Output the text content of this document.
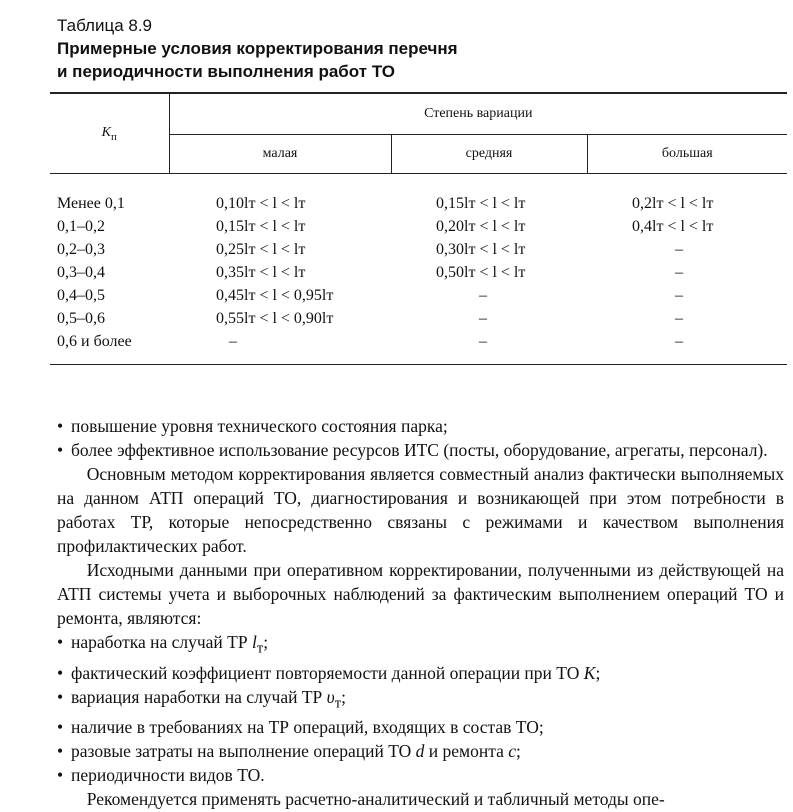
Таблица 8.9
Примерные условия корректирования перечня
и периодичности выполнения работ ТО
$K_п$	Степень вариации		
	малая	средняя	большая
Менее 0,1	0,10lт < l < lт	0,15lт < l < lт	0,2lт < l < lт
0,1–0,2	0,15lт < l < lт	0,20lт < l < lт	0,4lт < l < lт
0,2–0,3	0,25lт < l < lт	0,30lт < l < lт	–
0,3–0,4	0,35lт < l < lт	0,50lт < l < lт	–
0,4–0,5	0,45lт < l < 0,95lт	–	–
0,5–0,6	0,55lт < l < 0,90lт	–	–
0,6 и более	–	–	–
• повышение уровня технического состояния парка;
• более эффективное использование ресурсов ИТС (посты, оборудование, агрегаты, персонал).

Основным методом корректирования является совместный анализ фактически выполняемых на данном АТП операций ТО, диагностирования и возникающей при этом потребности в работах ТР, которые непосредственно связаны с режимами и качеством выполнения профилактических работ.

Исходными данными при оперативном корректировании, полученными из действующей на АТП системы учета и выборочных наблюдений за фактическим выполнением операций ТО и ремонта, являются:

• наработка на случай ТР $l_т$;
• фактический коэффициент повторяемости данной операции при ТО K;
• вариация наработки на случай ТР $\upsilon_т$;
• наличие в требованиях на ТР операций, входящих в состав ТО;
• разовые затраты на выполнение операций ТО d и ремонта c;
• периодичности видов ТО.

Рекомендуется применять расчетно-аналитический и табличный методы опе-
